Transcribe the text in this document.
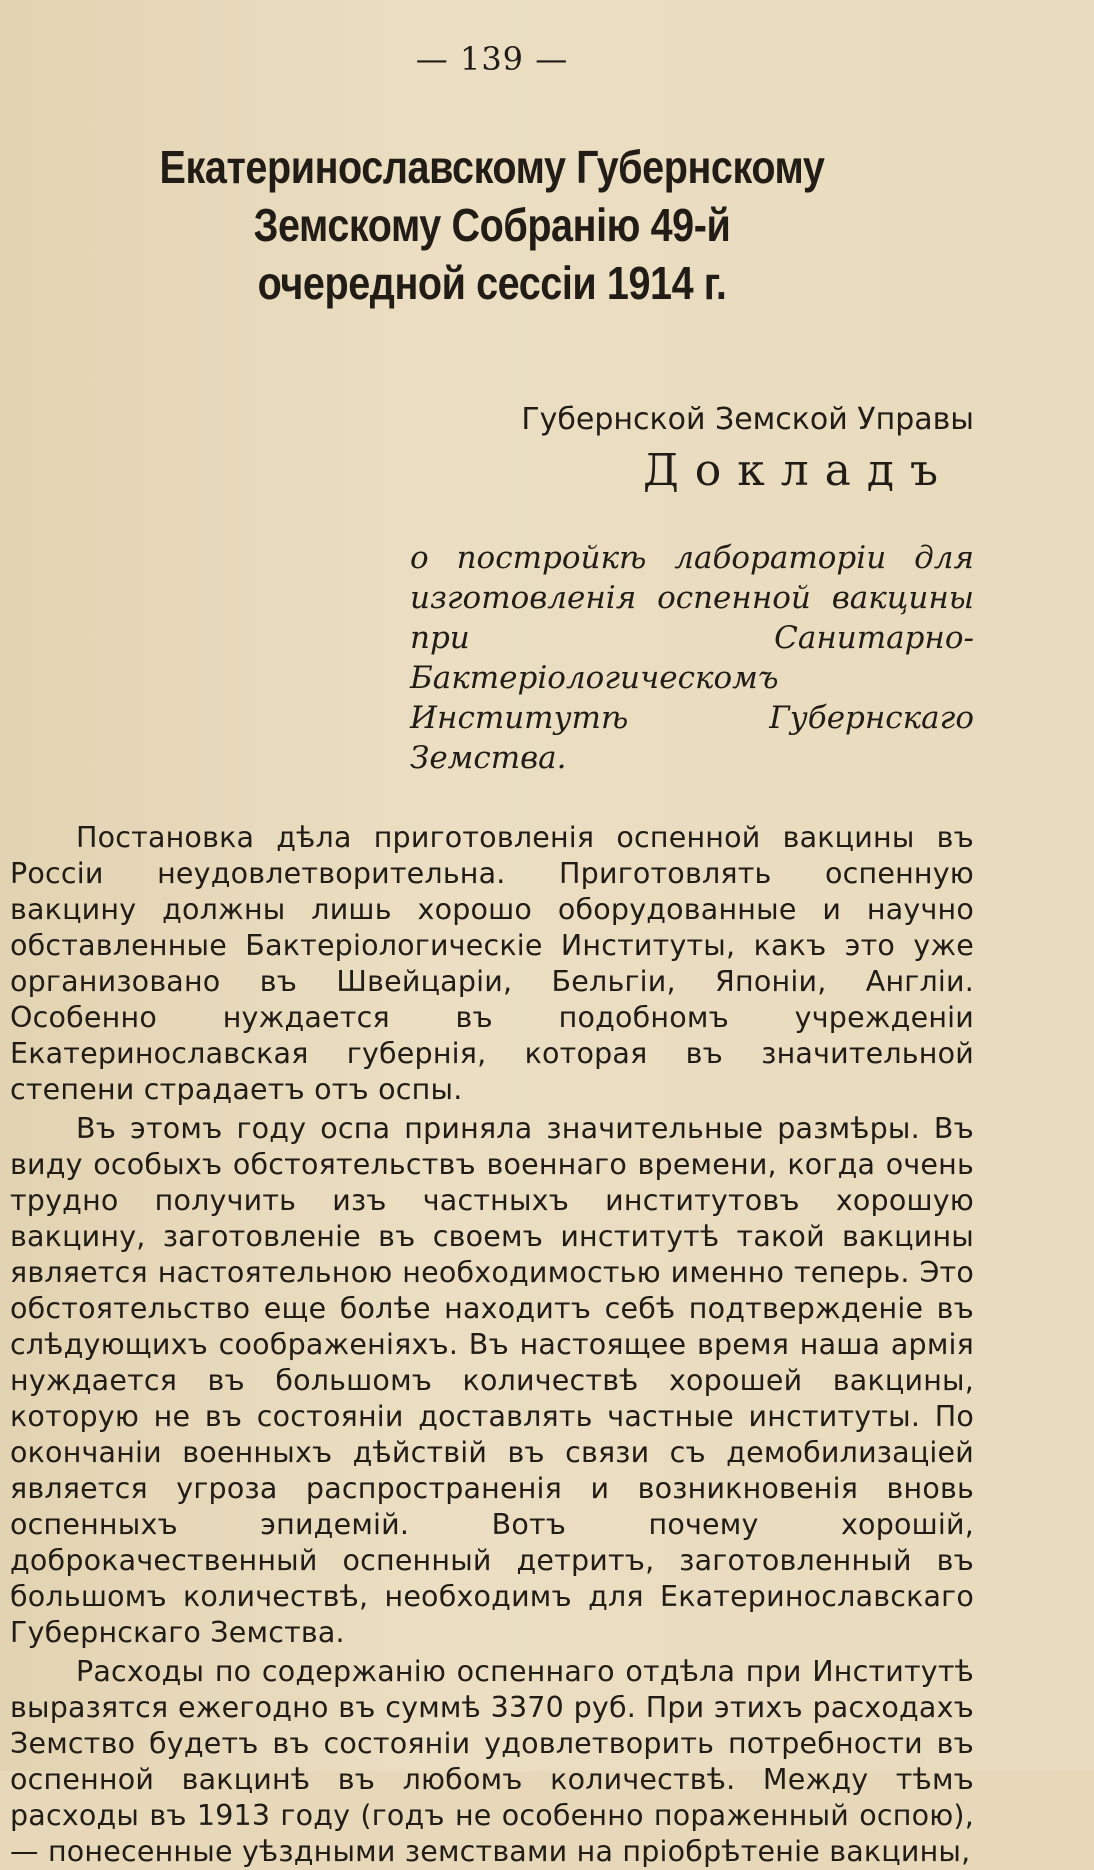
— 139 —
Екатеринославскому Губернскому Земскому Собранію 49-й
очередной сессіи 1914 г.
Губернской Земской Управы
Докладъ
о постройкѣ лабораторіи для изготовленія оспенной вакцины при Санитарно-Бактеріологическомъ Институтѣ Губернскаго Земства.

Постановка дѣла приготовленія оспенной вакцины въ Россіи неудовлетворительна. Приготовлять оспенную вакцину должны лишь хорошо оборудованные и научно обставленные Бактеріологическіе Институты, какъ это уже организовано въ Швейцаріи, Бельгіи, Японіи, Англіи. Особенно нуждается въ подобномъ учрежденіи Екатеринославская губернія, которая въ значительной степени страдаетъ отъ оспы.

Въ этомъ году оспа приняла значительные размѣры. Въ виду особыхъ обстоятельствъ военнаго времени, когда очень трудно получить изъ частныхъ институтовъ хорошую вакцину, заготовленіе въ своемъ институтѣ такой вакцины является настоятельною необходимостью именно теперь. Это обстоятельство еще болѣе находитъ себѣ подтвержденіе въ слѣдующихъ соображеніяхъ. Въ настоящее время наша армія нуждается въ большомъ количествѣ хорошей вакцины, которую не въ состояніи доставлять частные институты. По окончаніи военныхъ дѣйствій въ связи съ демобилизаціей является угроза распространенія и возникновенія вновь оспенныхъ эпидемій. Вотъ почему хорошій, доброкачественный оспенный детритъ, заготовленный въ большомъ количествѣ, необходимъ для Екатеринославскаго Губернскаго Земства.

Расходы по содержанію оспеннаго отдѣла при Институтѣ выразятся ежегодно въ суммѣ 3370 руб. При этихъ расходахъ Земство будетъ въ состояніи удовлетворить потребности въ оспенной вакцинѣ въ любомъ количествѣ. Между тѣмъ расходы въ 1913 году (годъ не особенно пораженный оспою),— понесенные уѣздными земствами на пріобрѣтеніе вакцины,
